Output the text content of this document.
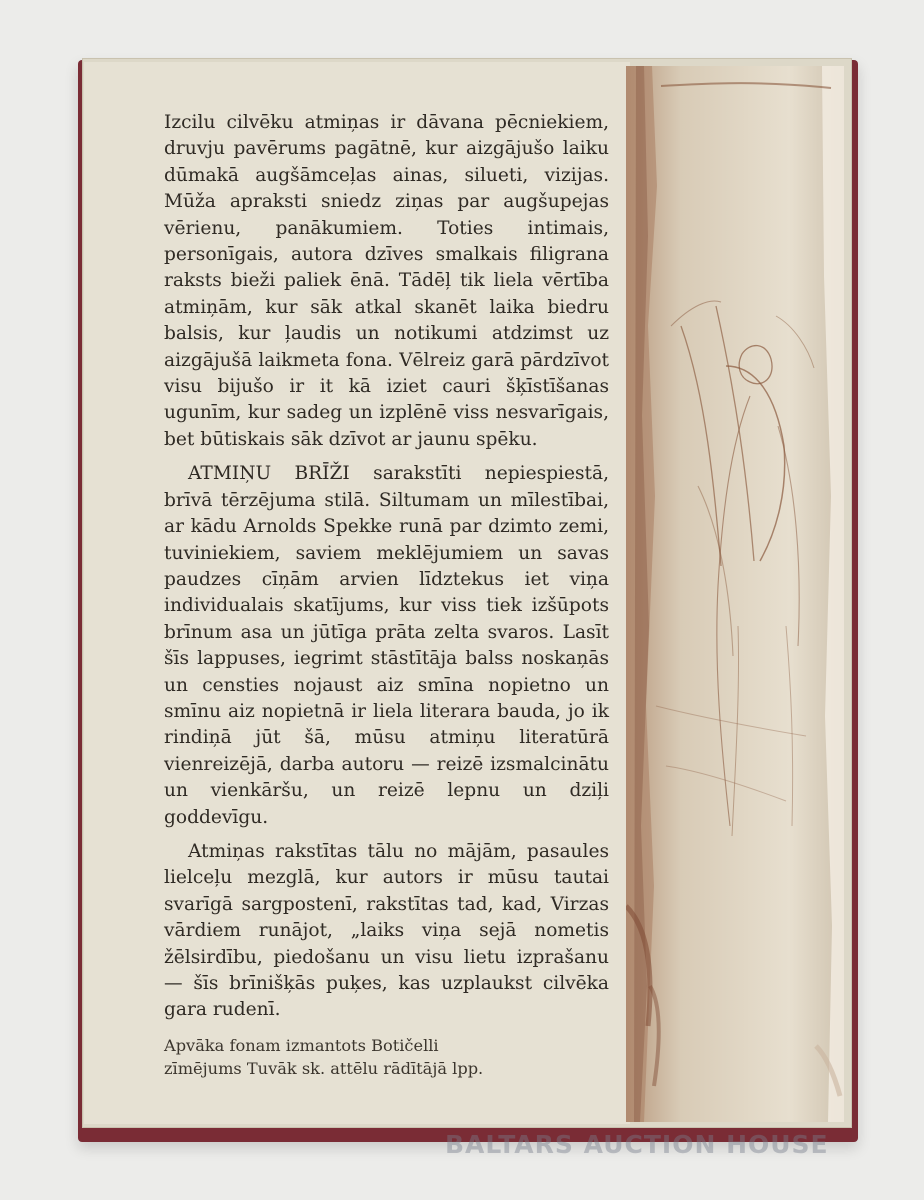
Izcilu cilvēku atmiņas ir dāvana pēcniekiem, druvju pavērums pagātnē, kur aizgājušo laiku dūmakā augšāmceļas ainas, silueti, vizijas. Mūža apraksti sniedz ziņas par augšupejas vērienu, panākumiem. Toties intimais, personīgais, autora dzīves smalkais filigrana raksts bieži paliek ēnā. Tādēļ tik liela vērtība atmiņām, kur sāk atkal skanēt laika biedru balsis, kur ļaudis un notikumi atdzimst uz aizgājušā laikmeta fona. Vēlreiz garā pārdzīvot visu bijušo ir it kā iziet cauri šķīstīšanas ugunīm, kur sadeg un izplēnē viss nesvarīgais, bet būtiskais sāk dzīvot ar jaunu spēku.

ATMIŅU BRĪŽI sarakstīti nepiespiestā, brīvā tērzējuma stilā. Siltumam un mīlestībai, ar kādu Arnolds Spekke runā par dzimto zemi, tuviniekiem, saviem meklējumiem un savas paudzes cīņām arvien līdztekus iet viņa individualais skatījums, kur viss tiek izšūpots brīnum asa un jūtīga prāta zelta svaros. Lasīt šīs lappuses, iegrimt stāstītāja balss noskaņās un censties nojaust aiz smīna nopietno un smīnu aiz nopietnā ir liela literara bauda, jo ik rindiņā jūt šā, mūsu atmiņu literatūrā vienreizējā, darba autoru — reizē izsmalcinātu un vienkāršu, un reizē lepnu un dziļi goddevīgu.

Atmiņas rakstītas tālu no mājām, pasaules lielceļu mezglā, kur autors ir mūsu tautai svarīgā sargpostenī, rakstītas tad, kad, Virzas vārdiem runājot, „laiks viņa sejā nometis žēlsirdību, piedošanu un visu lietu izprašanu — šīs brīnišķās puķes, kas uzplaukst cilvēka gara rudenī.

Apvāka fonam izmantots Botičelli zīmējums Tuvāk sk. attēlu rādītājā lpp.

BALTARS AUCTION HOUSE
